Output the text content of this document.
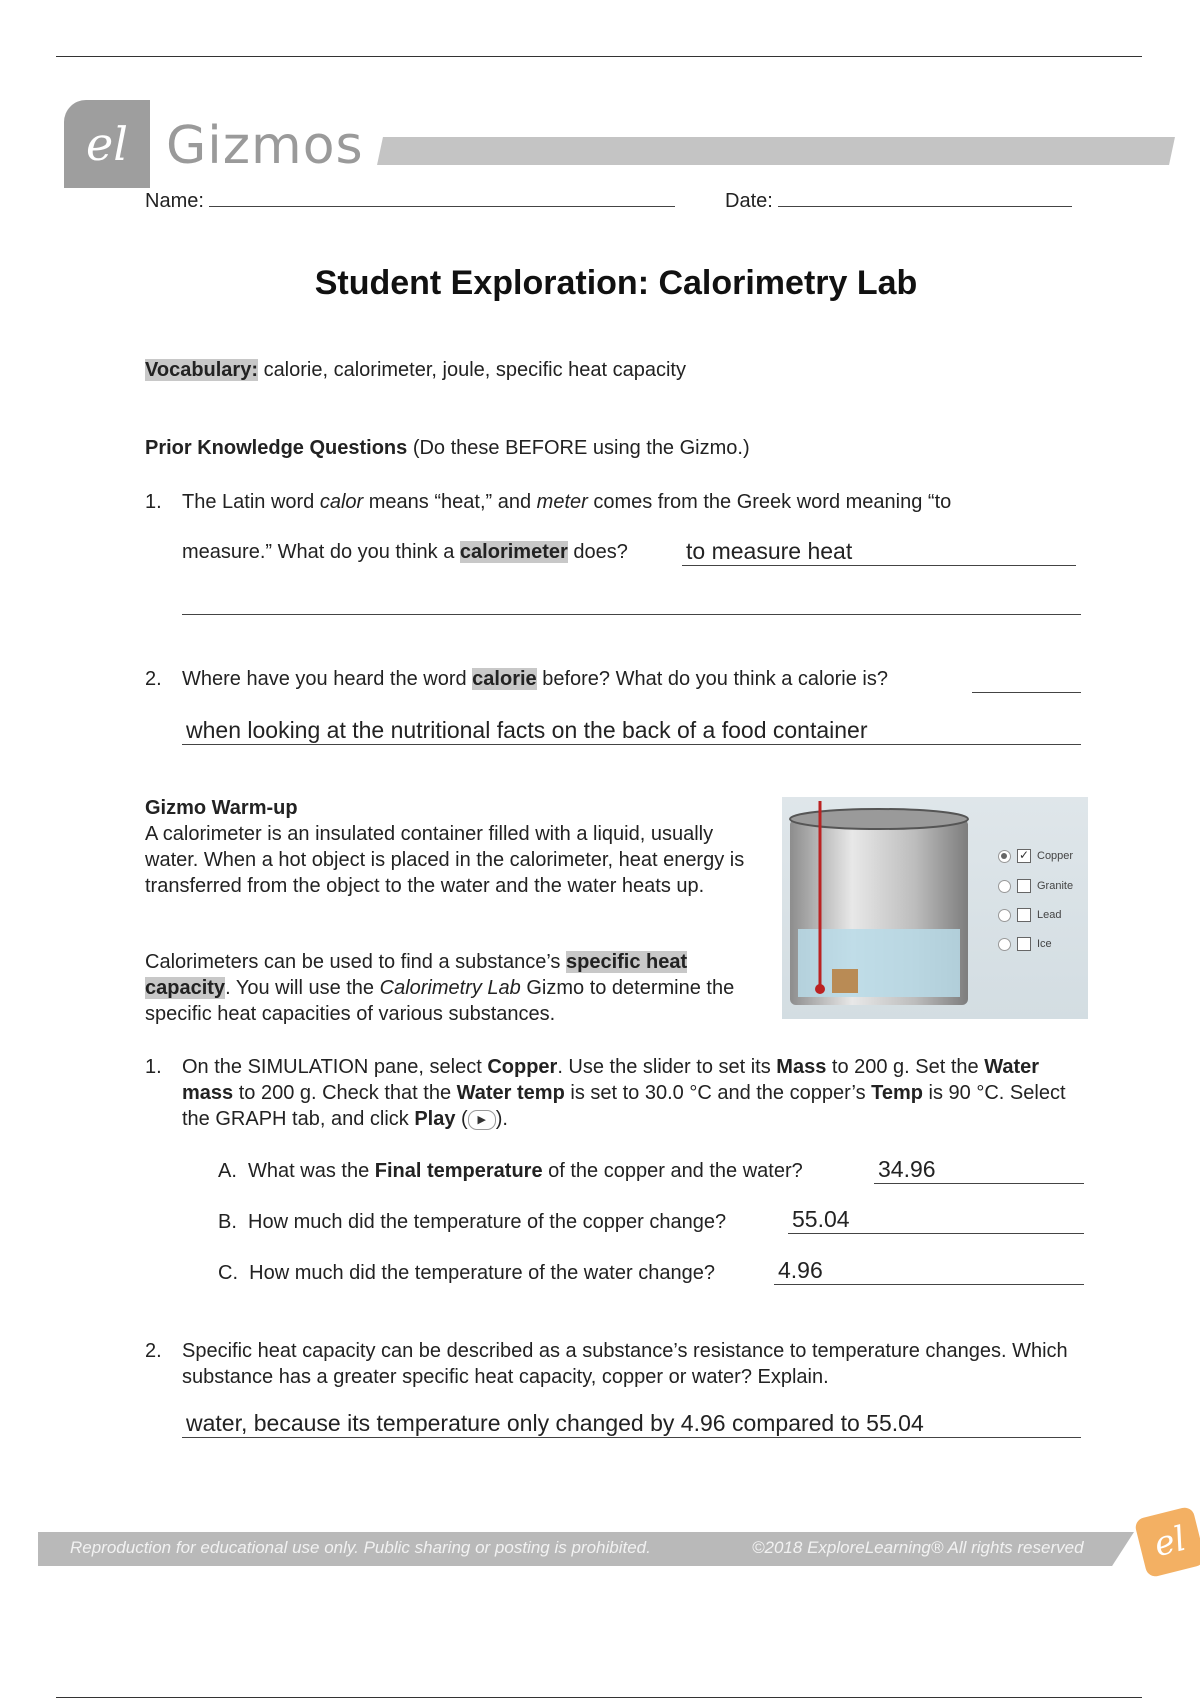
el Gizmos
Name:	Date:
Student Exploration: Calorimetry Lab
Vocabulary: calorie, calorimeter, joule, specific heat capacity
Prior Knowledge Questions (Do these BEFORE using the Gizmo.)
1. The Latin word calor means “heat,” and meter comes from the Greek word meaning “to
measure.” What do you think a calorimeter does?	to measure heat
2. Where have you heard the word calorie before? What do you think a calorie is?
when looking at the nutritional facts on the back of a food container
Gizmo Warm-up
A calorimeter is an insulated container filled with a liquid, usually water. When a hot object is placed in the calorimeter, heat energy is transferred from the object to the water and the water heats up.
Calorimeters can be used to find a substance’s specific heat capacity. You will use the Calorimetry Lab Gizmo to determine the specific heat capacities of various substances.
✓ Copper
Granite
Lead
Ice
1. On the SIMULATION pane, select Copper. Use the slider to set its Mass to 200 g. Set the Water mass to 200 g. Check that the Water temp is set to 30.0 °C and the copper’s Temp is 90 °C. Select the GRAPH tab, and click Play ( ▶ ).
A. What was the Final temperature of the copper and the water?	34.96
B. How much did the temperature of the copper change?	55.04
C. How much did the temperature of the water change?	4.96
2. Specific heat capacity can be described as a substance’s resistance to temperature changes. Which substance has a greater specific heat capacity, copper or water? Explain.
water, because its temperature only changed by 4.96 compared to 55.04
Reproduction for educational use only. Public sharing or posting is prohibited.	©2018 ExploreLearning® All rights reserved	el
